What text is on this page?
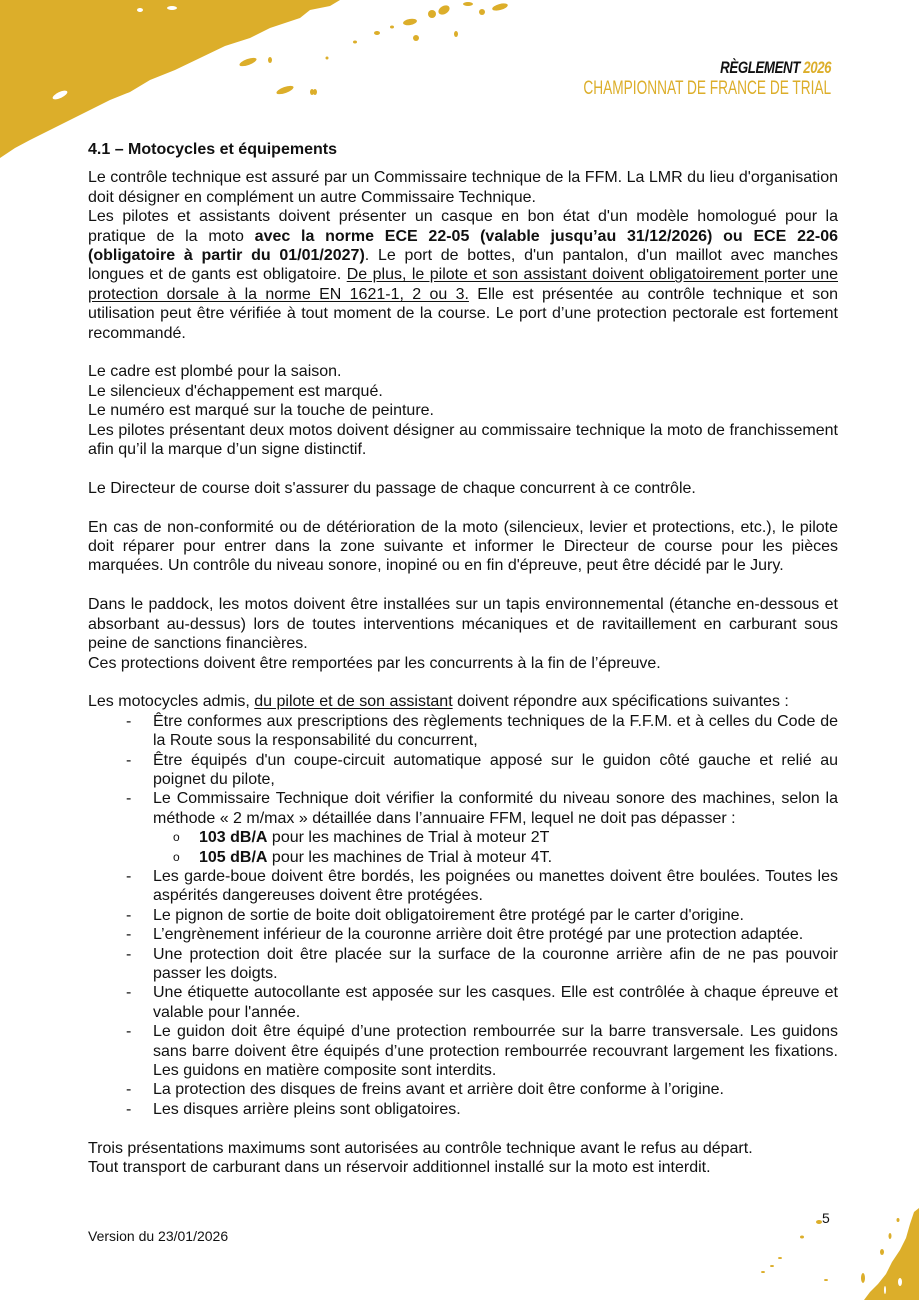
RÈGLEMENT 2026
CHAMPIONNAT DE FRANCE DE TRIAL
4.1 – Motocycles et équipements

Le contrôle technique est assuré par un Commissaire technique de la FFM. La LMR du lieu d'organisation doit désigner en complément un autre Commissaire Technique.

Les pilotes et assistants doivent présenter un casque en bon état d'un modèle homologué pour la pratique de la moto avec la norme ECE 22-05 (valable jusqu’au 31/12/2026) ou ECE 22-06 (obligatoire à partir du 01/01/2027). Le port de bottes, d'un pantalon, d'un maillot avec manches longues et de gants est obligatoire. De plus, le pilote et son assistant doivent obligatoirement porter une protection dorsale à la norme EN 1621-1, 2 ou 3. Elle est présentée au contrôle technique et son utilisation peut être vérifiée à tout moment de la course. Le port d’une protection pectorale est fortement recommandé.

Le cadre est plombé pour la saison.

Le silencieux d'échappement est marqué.

Le numéro est marqué sur la touche de peinture.

Les pilotes présentant deux motos doivent désigner au commissaire technique la moto de franchissement afin qu’il la marque d’un signe distinctif.

Le Directeur de course doit s'assurer du passage de chaque concurrent à ce contrôle.

En cas de non-conformité ou de détérioration de la moto (silencieux, levier et protections, etc.), le pilote doit réparer pour entrer dans la zone suivante et informer le Directeur de course pour les pièces marquées. Un contrôle du niveau sonore, inopiné ou en fin d'épreuve, peut être décidé par le Jury.

Dans le paddock, les motos doivent être installées sur un tapis environnemental (étanche en-dessous et absorbant au-dessus) lors de toutes interventions mécaniques et de ravitaillement en carburant sous peine de sanctions financières.

Ces protections doivent être remportées par les concurrents à la fin de l’épreuve.

Les motocycles admis, du pilote et de son assistant doivent répondre aux spécifications suivantes :

- Être conformes aux prescriptions des règlements techniques de la F.F.M. et à celles du Code de la Route sous la responsabilité du concurrent,
- Être équipés d'un coupe-circuit automatique apposé sur le guidon côté gauche et relié au poignet du pilote,
- Le Commissaire Technique doit vérifier la conformité du niveau sonore des machines, selon la méthode « 2 m/max » détaillée dans l’annuaire FFM, lequel ne doit pas dépasser :
o 103 dB/A pour les machines de Trial à moteur 2T
o 105 dB/A pour les machines de Trial à moteur 4T.
- Les garde-boue doivent être bordés, les poignées ou manettes doivent être boulées. Toutes les aspérités dangereuses doivent être protégées.
- Le pignon de sortie de boite doit obligatoirement être protégé par le carter d'origine.
- L’engrènement inférieur de la couronne arrière doit être protégé par une protection adaptée.
- Une protection doit être placée sur la surface de la couronne arrière afin de ne pas pouvoir passer les doigts.
- Une étiquette autocollante est apposée sur les casques. Elle est contrôlée à chaque épreuve et valable pour l'année.
- Le guidon doit être équipé d’une protection rembourrée sur la barre transversale. Les guidons sans barre doivent être équipés d’une protection rembourrée recouvrant largement les fixations. Les guidons en matière composite sont interdits.
- La protection des disques de freins avant et arrière doit être conforme à l’origine.
- Les disques arrière pleins sont obligatoires.

Trois présentations maximums sont autorisées au contrôle technique avant le refus au départ.

Tout transport de carburant dans un réservoir additionnel installé sur la moto est interdit.

Version du 23/01/2026
5
